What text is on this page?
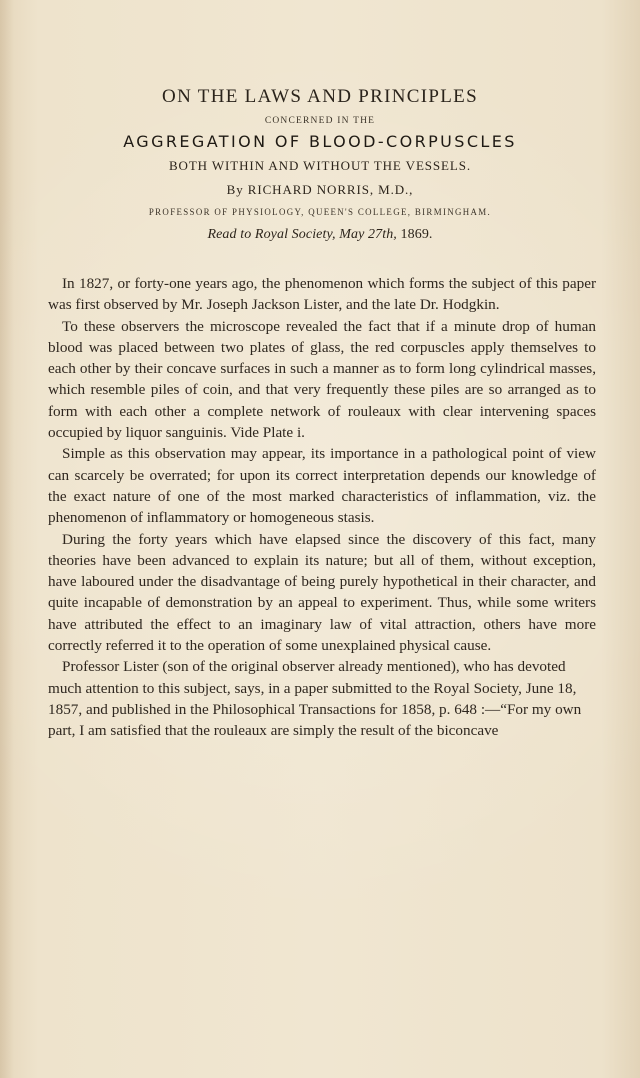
ON THE LAWS AND PRINCIPLES
CONCERNED IN THE
AGGREGATION OF BLOOD-CORPUSCLES
BOTH WITHIN AND WITHOUT THE VESSELS.
By RICHARD NORRIS, M.D.,
PROFESSOR OF PHYSIOLOGY, QUEEN'S COLLEGE, BIRMINGHAM.
Read to Royal Society, May 27th, 1869.

In 1827, or forty-one years ago, the phenomenon which forms the subject of this paper was first observed by Mr. Joseph Jackson Lister, and the late Dr. Hodgkin.

To these observers the microscope revealed the fact that if a minute drop of human blood was placed between two plates of glass, the red corpuscles apply themselves to each other by their concave surfaces in such a manner as to form long cylindrical masses, which resemble piles of coin, and that very frequently these piles are so arranged as to form with each other a complete network of rouleaux with clear intervening spaces occupied by liquor sanguinis. Vide Plate i.

Simple as this observation may appear, its importance in a pathological point of view can scarcely be overrated; for upon its correct interpretation depends our knowledge of the exact nature of one of the most marked characteristics of inflammation, viz. the phenomenon of inflammatory or homogeneous stasis.

During the forty years which have elapsed since the discovery of this fact, many theories have been advanced to explain its nature; but all of them, without exception, have laboured under the disadvantage of being purely hypothetical in their character, and quite incapable of demonstration by an appeal to experiment. Thus, while some writers have attributed the effect to an imaginary law of vital attraction, others have more correctly referred it to the operation of some unexplained physical cause.

Professor Lister (son of the original observer already mentioned), who has devoted much attention to this subject, says, in a paper submitted to the Royal Society, June 18, 1857, and published in the Philosophical Transactions for 1858, p. 648 :—“For my own part, I am satisfied that the rouleaux are simply the result of the biconcave
